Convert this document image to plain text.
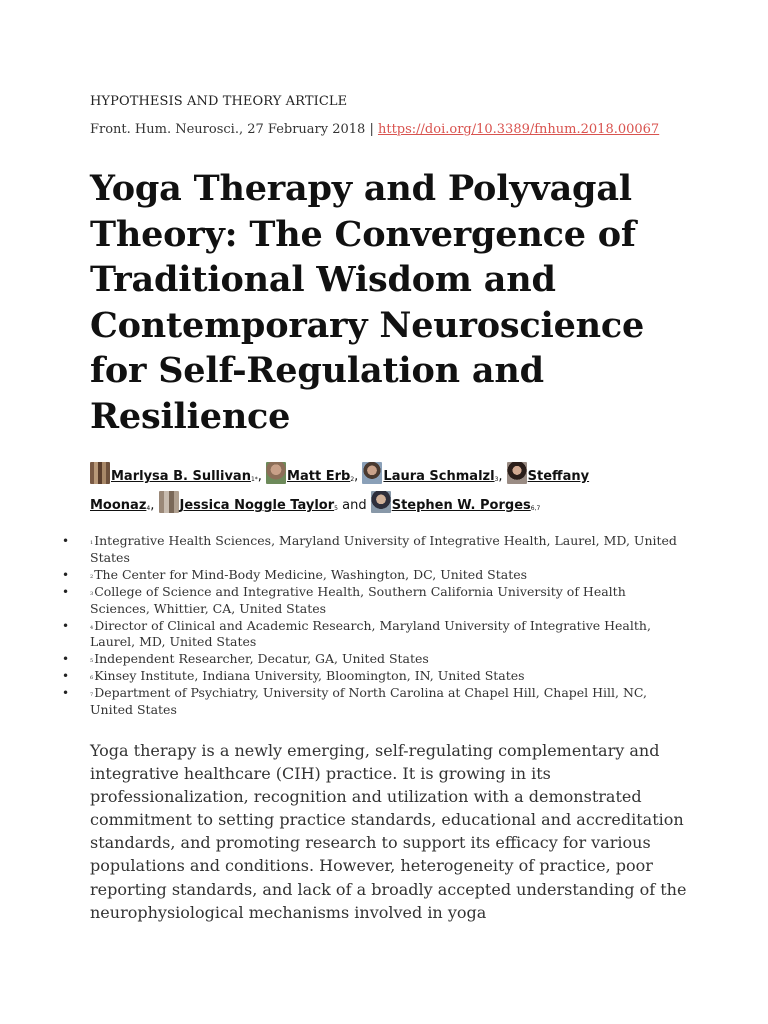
HYPOTHESIS AND THEORY ARTICLE
Front. Hum. Neurosci., 27 February 2018 | https://doi.org/10.3389/fnhum.2018.00067
Yoga Therapy and Polyvagal Theory: The Convergence of Traditional Wisdom and Contemporary Neuroscience for Self-Regulation and Resilience
Marlysa B. Sullivan$^{1*}$, Matt Erb$^2$, Laura Schmalzl$^3$, Steffany Moonaz$^4$, Jessica Noggle Taylor$^5$ and Stephen W. Porges$^{6,7}$
•	$^1$Integrative Health Sciences, Maryland University of Integrative Health, Laurel, MD, United States
•	$^2$The Center for Mind-Body Medicine, Washington, DC, United States
•	$^3$College of Science and Integrative Health, Southern California University of Health Sciences, Whittier, CA, United States
•	$^4$Director of Clinical and Academic Research, Maryland University of Integrative Health, Laurel, MD, United States
•	$^5$Independent Researcher, Decatur, GA, United States
•	$^6$Kinsey Institute, Indiana University, Bloomington, IN, United States
•	$^7$Department of Psychiatry, University of North Carolina at Chapel Hill, Chapel Hill, NC, United States

Yoga therapy is a newly emerging, self-regulating complementary and integrative healthcare (CIH) practice. It is growing in its professionalization, recognition and utilization with a demonstrated commitment to setting practice standards, educational and accreditation standards, and promoting research to support its efficacy for various populations and conditions. However, heterogeneity of practice, poor reporting standards, and lack of a broadly accepted understanding of the neurophysiological mechanisms involved in yoga
